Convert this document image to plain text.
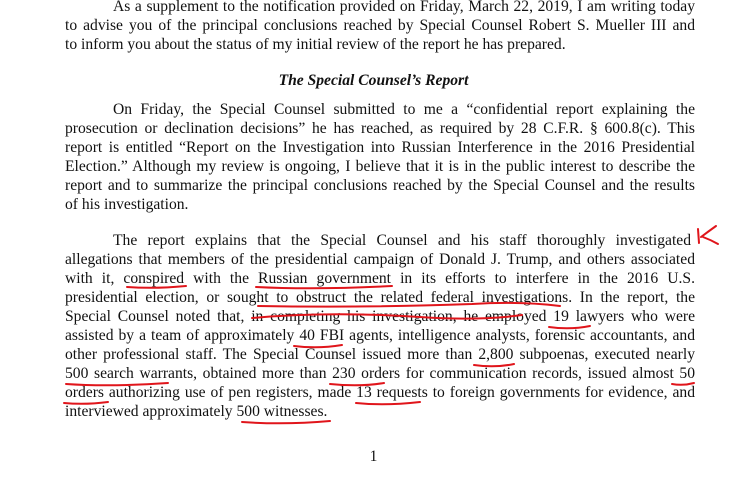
As a supplement to the notification provided on Friday, March 22, 2019, I am writing today
to advise you of the principal conclusions reached by Special Counsel Robert S. Mueller III and
to inform you about the status of my initial review of the report he has prepared.
The Special Counsel’s Report
On Friday, the Special Counsel submitted to me a “confidential report explaining the
prosecution or declination decisions” he has reached, as required by 28 C.F.R. § 600.8(c). This
report is entitled “Report on the Investigation into Russian Interference in the 2016 Presidential
Election.” Although my review is ongoing, I believe that it is in the public interest to describe the
report and to summarize the principal conclusions reached by the Special Counsel and the results
of his investigation.
The report explains that the Special Counsel and his staff thoroughly investigated
allegations that members of the presidential campaign of Donald J. Trump, and others associated
with it, conspired with the Russian government in its efforts to interfere in the 2016 U.S.
presidential election, or sought to obstruct the related federal investigations. In the report, the
Special Counsel noted that, in completing his investigation, he employed 19 lawyers who were
assisted by a team of approximately 40 FBI agents, intelligence analysts, forensic accountants, and
other professional staff. The Special Counsel issued more than 2,800 subpoenas, executed nearly
500 search warrants, obtained more than 230 orders for communication records, issued almost 50
orders authorizing use of pen registers, made 13 requests to foreign governments for evidence, and
interviewed approximately 500 witnesses.
1
